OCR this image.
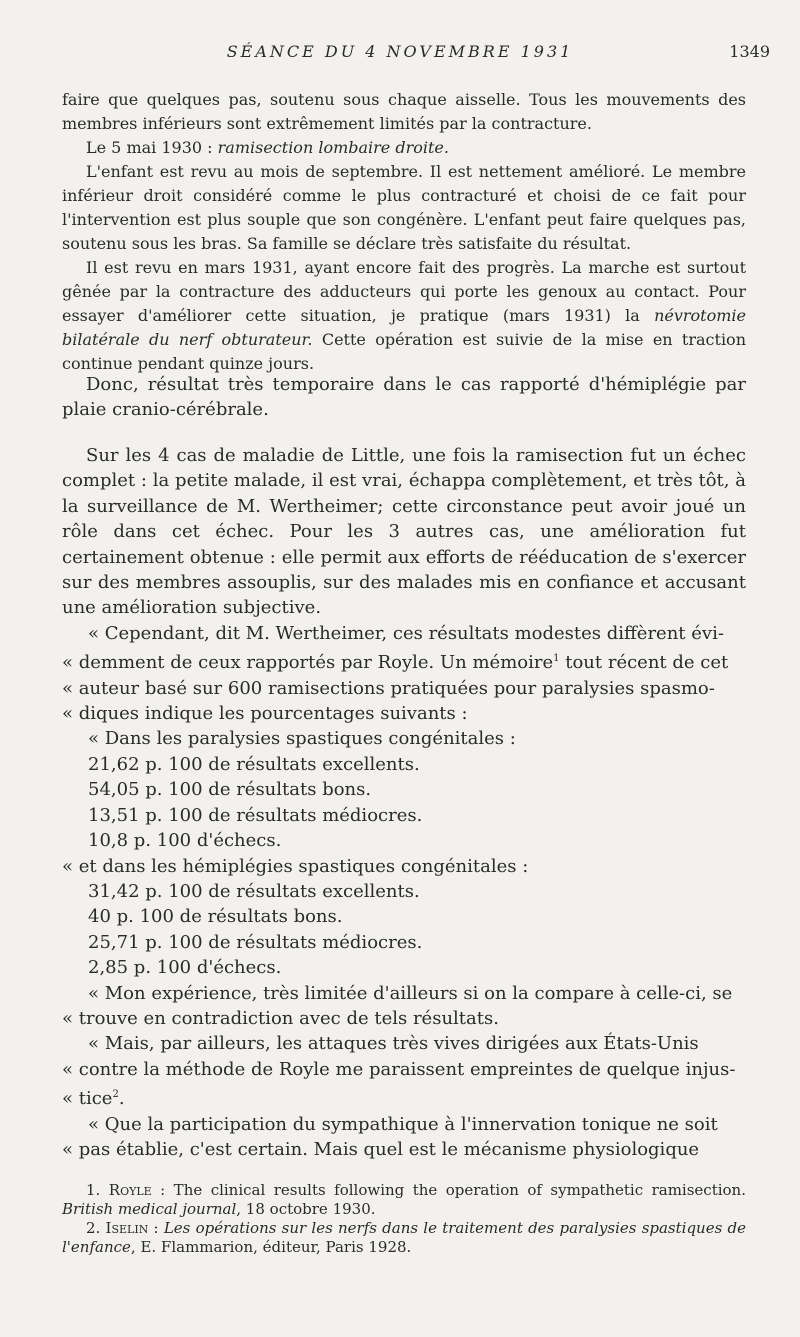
SÉANCE DU 4 NOVEMBRE 1931	1349

faire que quelques pas, soutenu sous chaque aisselle. Tous les mouvements des membres inférieurs sont extrêmement limités par la contracture.

Le 5 mai 1930 : ramisection lombaire droite.

L'enfant est revu au mois de septembre. Il est nettement amélioré. Le membre inférieur droit considéré comme le plus contracturé et choisi de ce fait pour l'intervention est plus souple que son congénère. L'enfant peut faire quelques pas, soutenu sous les bras. Sa famille se déclare très satisfaite du résultat.

Il est revu en mars 1931, ayant encore fait des progrès. La marche est surtout gênée par la contracture des adducteurs qui porte les genoux au contact. Pour essayer d'améliorer cette situation, je pratique (mars 1931) la névrotomie bilatérale du nerf obturateur. Cette opération est suivie de la mise en traction continue pendant quinze jours.

Donc, résultat très temporaire dans le cas rapporté d'hémiplégie par plaie cranio-cérébrale.

Sur les 4 cas de maladie de Little, une fois la ramisection fut un échec complet : la petite malade, il est vrai, échappa complètement, et très tôt, à la surveillance de M. Wertheimer; cette circonstance peut avoir joué un rôle dans cet échec. Pour les 3 autres cas, une amélioration fut certainement obtenue : elle permit aux efforts de rééducation de s'exercer sur des membres assouplis, sur des malades mis en confiance et accusant une amélioration subjective.

« Cependant, dit M. Wertheimer, ces résultats modestes diffèrent évi-

« demment de ceux rapportés par Royle. Un mémoire$^1$ tout récent de cet

« auteur basé sur 600 ramisections pratiquées pour paralysies spasmo-

« diques indique les pourcentages suivants :

« Dans les paralysies spastiques congénitales :

21,62 p. 100 de résultats excellents.

54,05 p. 100 de résultats bons.

13,51 p. 100 de résultats médiocres.

10,8 p. 100 d'échecs.

« et dans les hémiplégies spastiques congénitales :

31,42 p. 100 de résultats excellents.

40 p. 100 de résultats bons.

25,71 p. 100 de résultats médiocres.

2,85 p. 100 d'échecs.

« Mon expérience, très limitée d'ailleurs si on la compare à celle-ci, se

« trouve en contradiction avec de tels résultats.

« Mais, par ailleurs, les attaques très vives dirigées aux États-Unis

« contre la méthode de Royle me paraissent empreintes de quelque injus-

« tice$^2$.

« Que la participation du sympathique à l'innervation tonique ne soit

« pas établie, c'est certain. Mais quel est le mécanisme physiologique

1. Royle : The clinical results following the operation of sympathetic ramisection. British medical journal, 18 octobre 1930.

2. Iselin : Les opérations sur les nerfs dans le traitement des paralysies spastiques de l'enfance, E. Flammarion, éditeur, Paris 1928.
